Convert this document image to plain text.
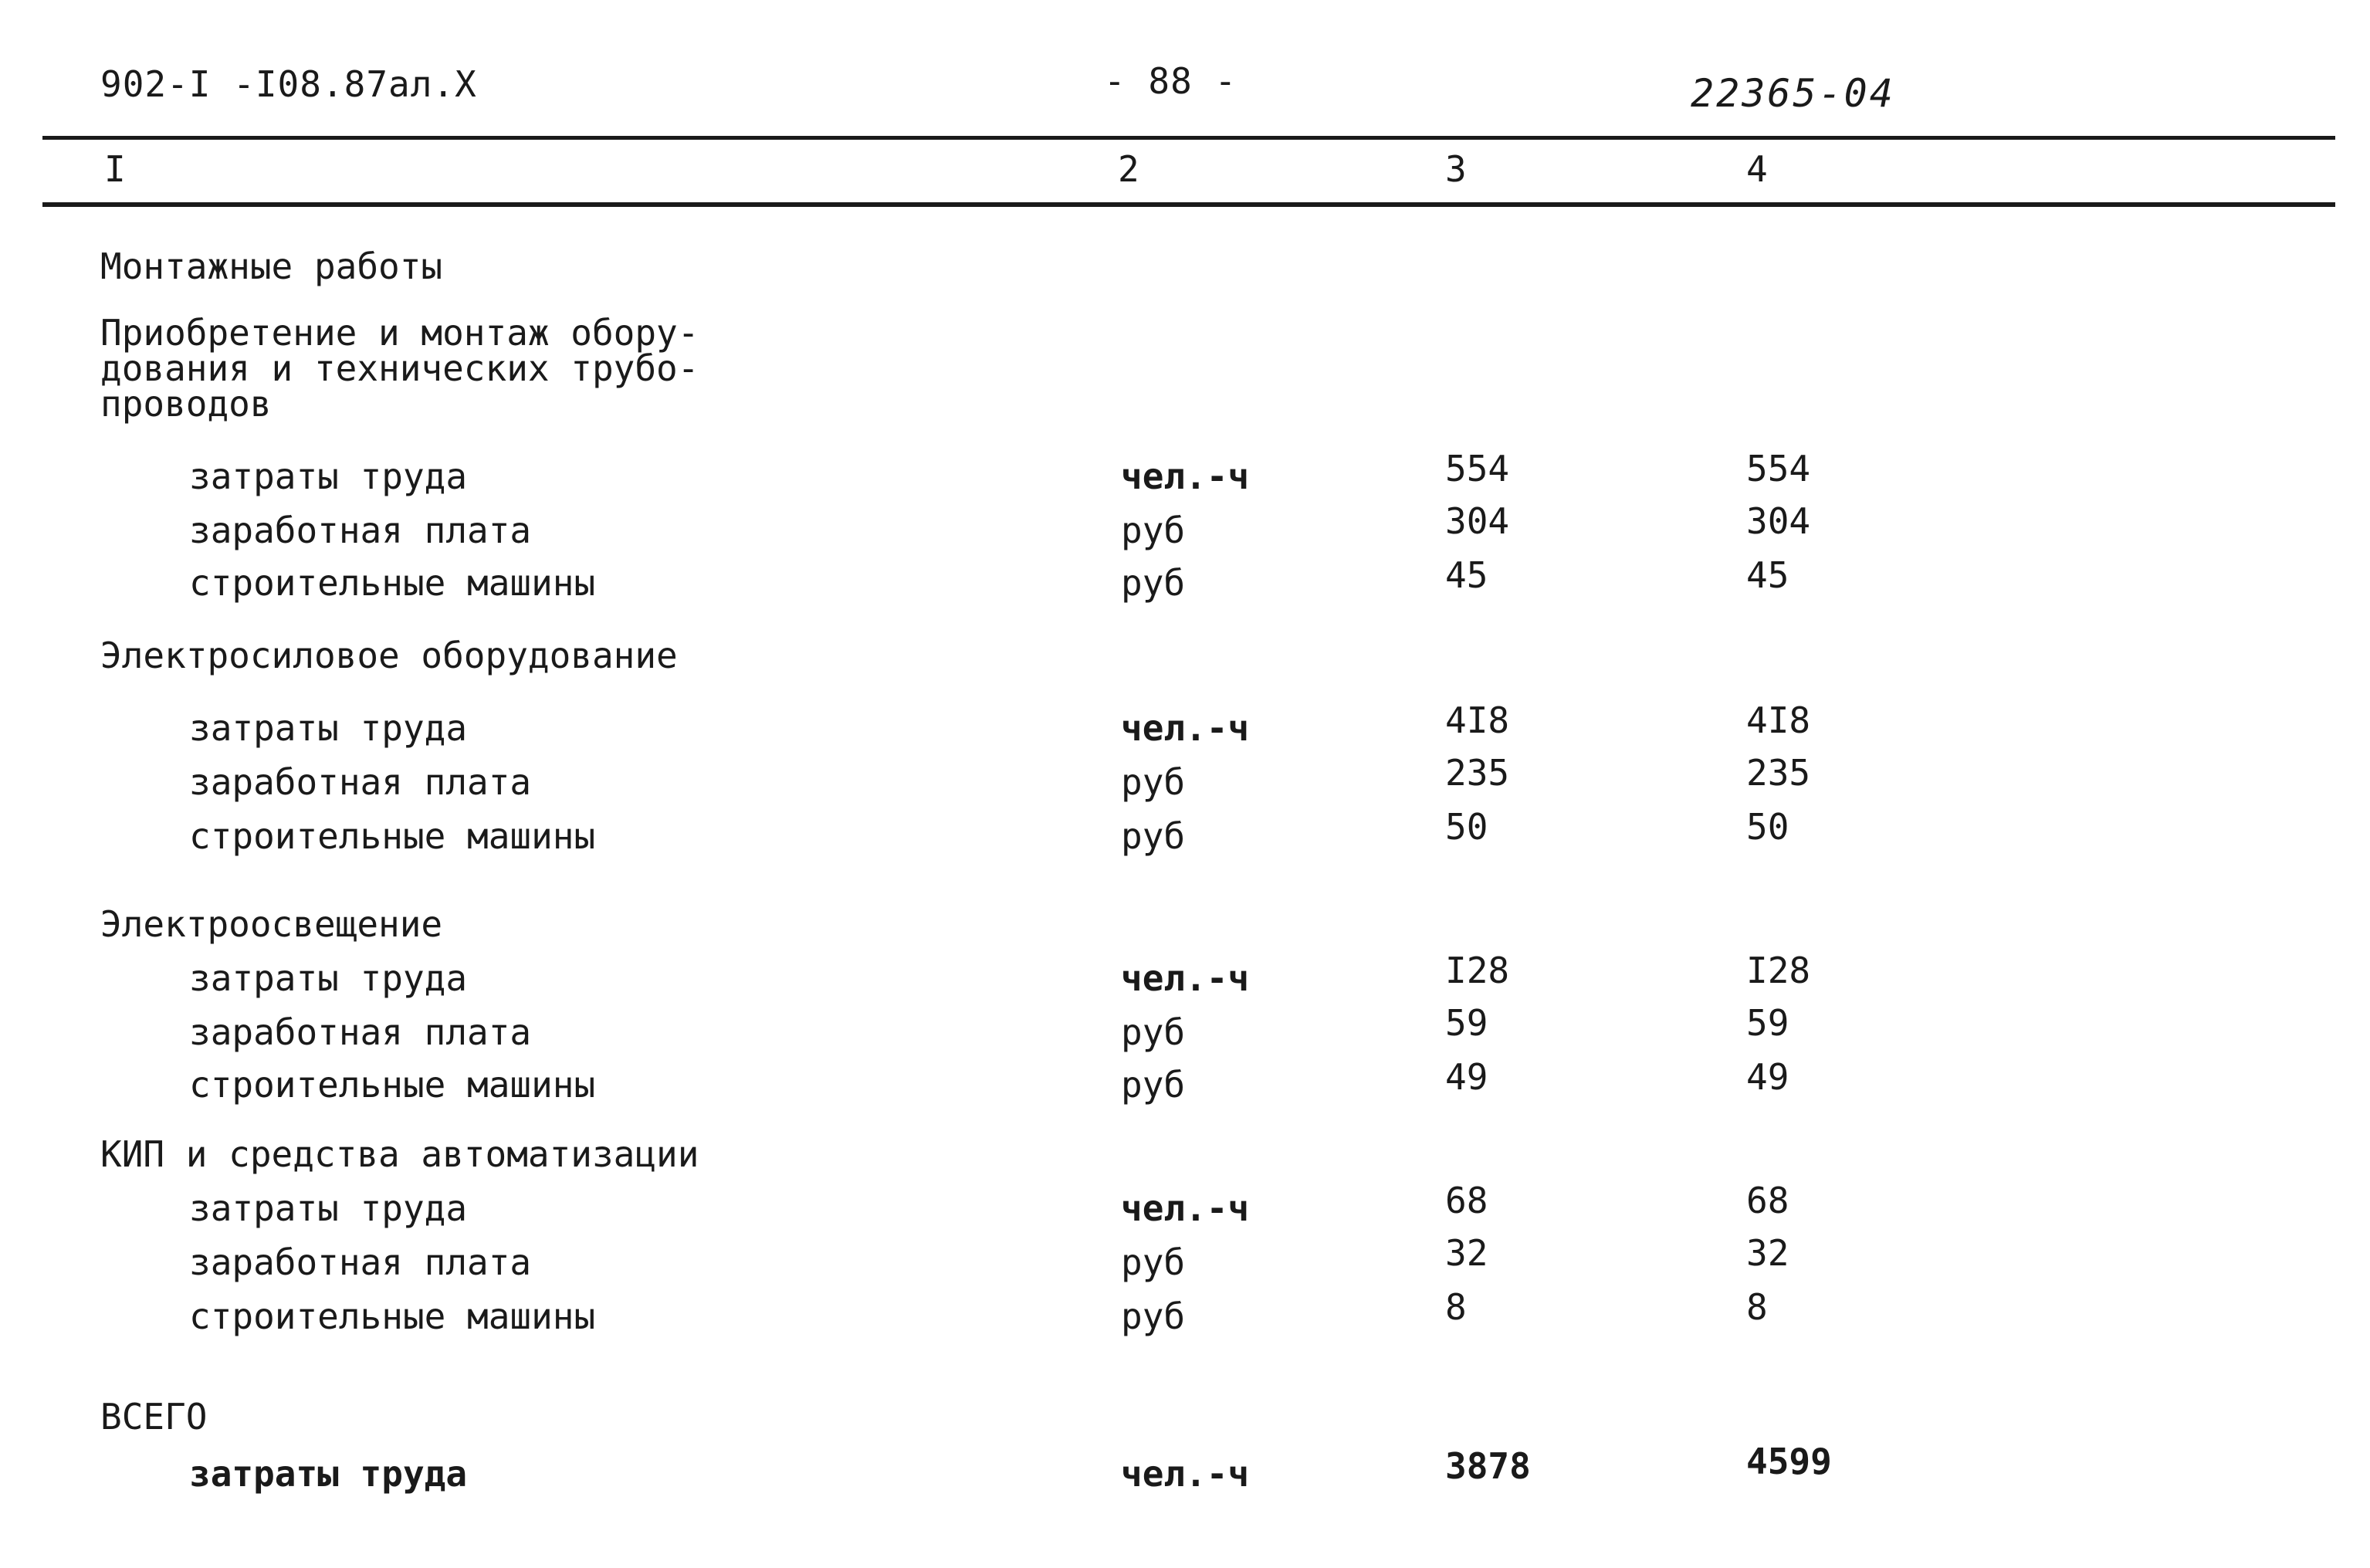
902-I -I08.87ал.X	- 88 -	22365-04
I	2	3	4
Монтажные работы
Приобретение и монтаж обору-
дования и технических трубо-
проводов
затраты труда	чел.-ч	554	554
заработная плата	руб	304	304
строительные машины	руб	45	45
Электросиловое оборудование
затраты труда	чел.-ч	4I8	4I8
заработная плата	руб	235	235
строительные машины	руб	50	50
Электроосвещение
затраты труда	чел.-ч	I28	I28
заработная плата	руб	59	59
строительные машины	руб	49	49
КИП и средства автоматизации
затраты труда	чел.-ч	68	68
заработная плата	руб	32	32
строительные машины	руб	8	8
ВСЕГО
затраты труда	чел.-ч	3878	4599
